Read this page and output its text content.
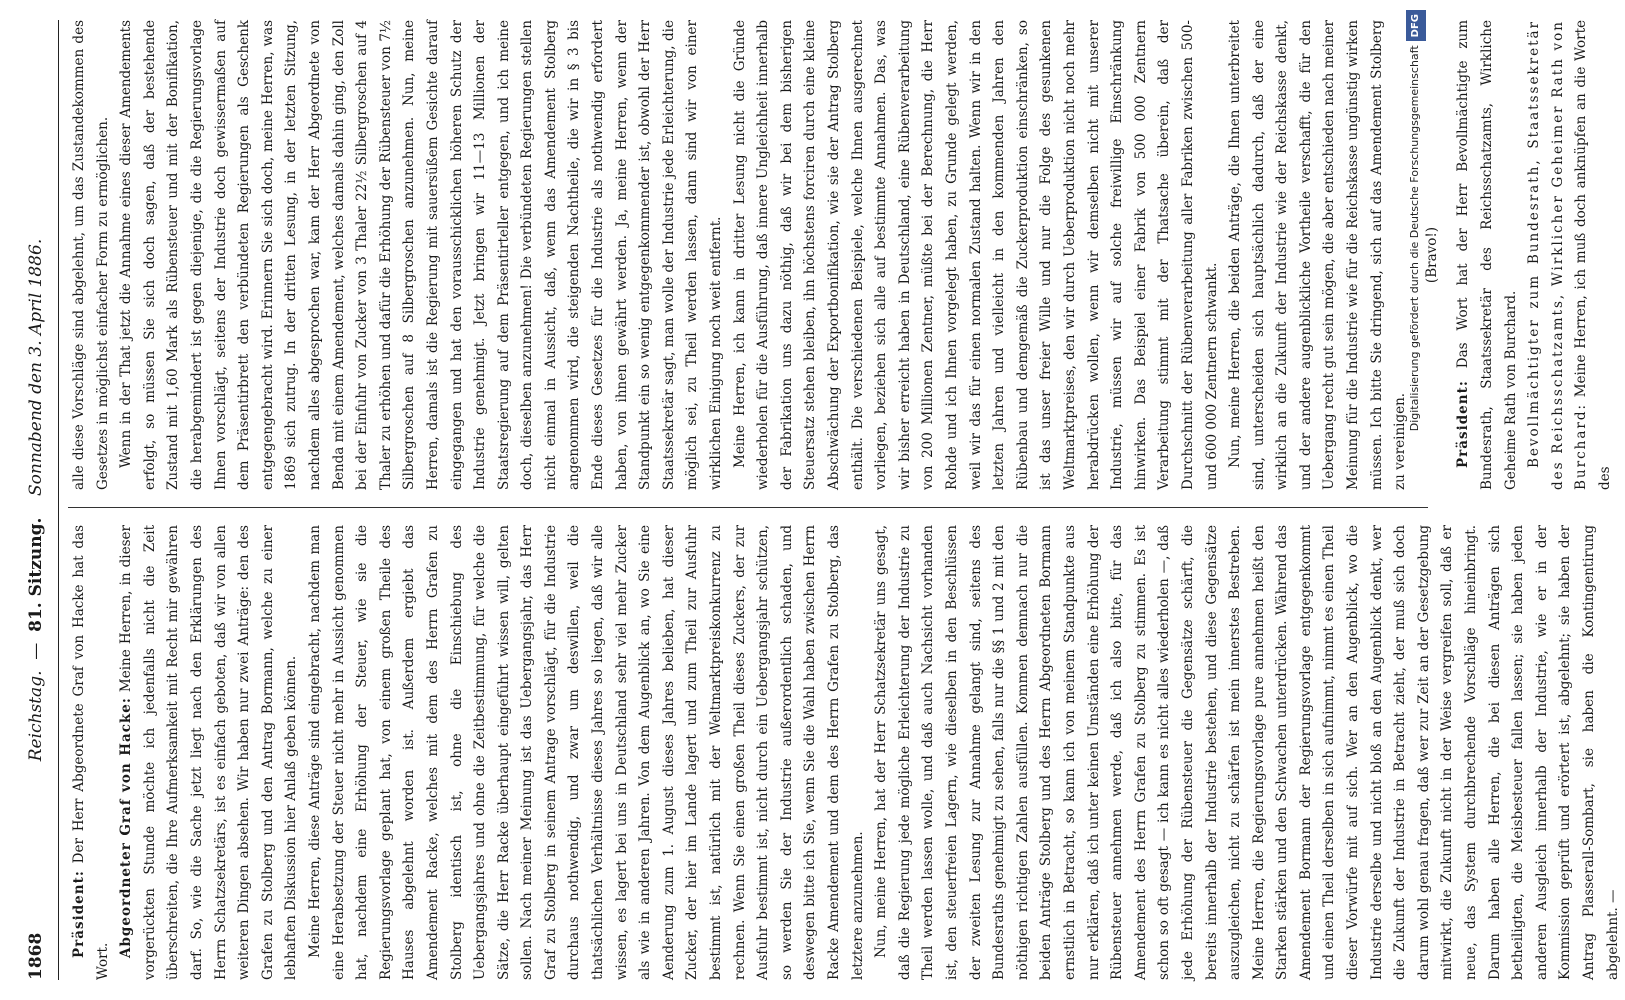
1868
Reichstag.  —  81. Sitzung.    Sonnabend den 3. April 1886.

Präsident: Der Herr Abgeordnete Graf von Hacke hat das Wort.

Abgeordneter Graf von Hacke: Meine Herren, in dieser vorgerückten Stunde möchte ich jedenfalls nicht die Zeit überschreiten, die Ihre Aufmerksamkeit mit Recht mir gewähren darf. So, wie die Sache jetzt liegt nach den Erklärungen des Herrn Schatzsekretärs, ist es einfach geboten, daß wir von allen weiteren Dingen absehen. Wir haben nur zwei Anträge: den des Grafen zu Stolberg und den Antrag Bormann, welche zu einer lebhaften Diskussion hier Anlaß geben können. Meine Herren, diese Anträge sind eingebracht, nachdem man eine Herabsetzung der Steuer nicht mehr in Aussicht genommen hat, nachdem eine Erhöhung der Steuer, wie sie die Regierungsvorlage geplant hat, von einem großen Theile des Hauses abgelehnt worden ist. Außerdem ergiebt das Amendement Racke, welches mit dem des Herrn Grafen zu Stolberg identisch ist, ohne die Einschiebung des Uebergangsjahres und ohne die Zeitbestimmung, für welche die Sätze, die Herr Racke überhaupt eingeführt wissen will, gelten sollen. Nach meiner Meinung ist das Uebergangsjahr, das Herr Graf zu Stolberg in seinem Antrage vorschlägt, für die Industrie durchaus nothwendig, und zwar um deswillen, weil die thatsächlichen Verhältnisse dieses Jahres so liegen, daß wir alle wissen, es lagert bei uns in Deutschland sehr viel mehr Zucker als wie in anderen Jahren. Von dem Augenblick an, wo Sie eine Aenderung zum 1. August dieses Jahres belieben, hat dieser Zucker, der hier im Lande lagert und zum Theil zur Ausfuhr bestimmt ist, natürlich mit der Weltmarktpreiskonkurrenz zu rechnen. Wenn Sie einen großen Theil dieses Zuckers, der zur Ausfuhr bestimmt ist, nicht durch ein Uebergangsjahr schützen, so werden Sie der Industrie außerordentlich schaden, und deswegen bitte ich Sie, wenn Sie die Wahl haben zwischen Herrn Racke Amendement und dem des Herrn Grafen zu Stolberg, das letztere anzunehmen. Nun, meine Herren, hat der Herr Schatzsekretär uns gesagt, daß die Regierung jede mögliche Erleichterung der Industrie zu Theil werden lassen wolle, und daß auch Nachsicht vorhanden ist, den steuerfreien Lagern, wie dieselben in den Beschlüssen der zweiten Lesung zur Annahme gelangt sind, seitens des Bundesraths genehmigt zu sehen, falls nur die §§ 1 und 2 mit den nöthigen richtigen Zahlen ausfüllen. Kommen demnach nur die beiden Anträge Stolberg und des Herrn Abgeordneten Bormann ernstlich in Betracht, so kann ich von meinem Standpunkte aus nur erklären, daß ich unter keinen Umständen eine Erhöhung der Rübensteuer annehmen werde, daß ich also bitte, für das Amendement des Herrn Grafen zu Stolberg zu stimmen. Es ist schon so oft gesagt — ich kann es nicht alles wiederholen —, daß jede Erhöhung der Rübensteuer die Gegensätze schärft, die bereits innerhalb der Industrie bestehen, und diese Gegensätze auszugleichen, nicht zu schärfen ist mein innerstes Bestreben. Meine Herren, die Regierungsvorlage pure annehmen heißt den Starken stärken und den Schwachen unterdrücken. Während das Amendement Bormann der Regierungsvorlage entgegenkommt und einen Theil derselben in sich aufnimmt, nimmt es einen Theil dieser Vorwürfe mit auf sich. Wer an den Augenblick, wo die Industrie derselbe und nicht bloß an den Augenblick denkt, wer die Zukunft der Industrie in Betracht zieht, der muß sich doch darum wohl genau fragen, daß wer zur Zeit an der Gesetzgebung mitwirkt, die Zukunft nicht in der Weise vergreifen soll, daß er neue, das System durchbrechende Vorschläge hineinbringt. Darum haben alle Herren, die bei diesen Anträgen sich betheiligten, die Meisbesteuer fallen lassen; sie haben jeden anderen Ausgleich innerhalb der Industrie, wie er in der Kommission geprüft und erörtert ist, abgelehnt; sie haben der Antrag Plasserall-Sombart, sie haben die Kontingentirung abgelehnt. —

alle diese Vorschläge sind abgelehnt, um das Zustandekommen des Gesetzes in möglichst einfacher Form zu ermöglichen. Wenn in der That jetzt die Annahme eines dieser Amendements erfolgt, so müssen Sie sich doch sagen, daß der bestehende Zustand mit 1,60 Mark als Rübensteuer und mit der Bonifikation, die herabgemindert ist gegen diejenige, die die Regierungsvorlage Ihnen vorschlägt, seitens der Industrie doch gewissermaßen auf dem Präsentirbrett den verbündeten Regierungen als Geschenk entgegengebracht wird. Erinnern Sie sich doch, meine Herren, was 1869 sich zutrug. In der dritten Lesung, in der letzten Sitzung, nachdem alles abgesprochen war, kam der Herr Abgeordnete von Benda mit einem Amendement, welches damals dahin ging, den Zoll bei der Einfuhr von Zucker von 3 Thaler 22½ Silbergroschen auf 4 Thaler zu erhöhen und dafür die Erhöhung der Rübensteuer von 7½ Silbergroschen auf 8 Silbergroschen anzunehmen. Nun, meine Herren, damals ist die Regierung mit sauersüßem Gesichte darauf eingegangen und hat den vorausschicklichen höheren Schutz der Industrie genehmigt. Jetzt bringen wir 11—13 Millionen der Staatsregierung auf dem Präsentirteller entgegen, und ich meine doch, dieselben anzunehmen! Die verbündeten Regierungen stellen nicht einmal in Aussicht, daß, wenn das Amendement Stolberg angenommen wird, die steigenden Nachtheile, die wir in § 3 bis Ende dieses Gesetzes für die Industrie als nothwendig erfordert haben, von ihnen gewährt werden. Ja, meine Herren, wenn der Standpunkt ein so wenig entgegenkommender ist, obwohl der Herr Staatssekretär sagt, man wolle der Industrie jede Erleichterung, die möglich sei, zu Theil werden lassen, dann sind wir von einer wirklichen Einigung noch weit entfernt. Meine Herren, ich kann in dritter Lesung nicht die Gründe wiederholen für die Ausführung, daß innere Ungleichheit innerhalb der Fabrikation uns dazu nöthig, daß wir bei dem bisherigen Steuersatz stehen bleiben, ihn höchstens forciren durch eine kleine Abschwächung der Exportbonifikation, wie sie der Antrag Stolberg enthält. Die verschiedenen Beispiele, welche Ihnen ausgerechnet vorliegen, beziehen sich alle auf bestimmte Annahmen. Das, was wir bisher erreicht haben in Deutschland, eine Rübenverarbeitung von 200 Millionen Zentner, müßte bei der Berechnung, die Herr Rohde und ich Ihnen vorgelegt haben, zu Grunde gelegt werden, weil wir das für einen normalen Zustand halten. Wenn wir in den letzten Jahren und vielleicht in den kommenden Jahren den Rübenbau und demgemäß die Zuckerproduktion einschränken, so ist das unser freier Wille und nur die Folge des gesunkenen Weltmarktpreises, den wir durch Ueberproduktion nicht noch mehr herabdrücken wollen, wenn wir demselben nicht mit unserer Industrie, müssen wir auf solche freiwillige Einschränkung hinwirken. Das Beispiel einer Fabrik von 500 000 Zentnern Verarbeitung stimmt mit der Thatsache überein, daß der Durchschnitt der Rübenverarbeitung aller Fabriken zwischen 500- und 600 000 Zentnern schwankt. Nun, meine Herren, die beiden Anträge, die Ihnen unterbreitet sind, unterscheiden sich hauptsächlich dadurch, daß der eine wirklich an die Zukunft der Industrie wie der Reichskasse denkt, und der andere augenblickliche Vortheile verschafft, die für den Uebergang recht gut sein mögen, die aber entschieden nach meiner Meinung für die Industrie wie für die Reichskasse ungünstig wirken müssen. Ich bitte Sie dringend, sich auf das Amendement Stolberg zu vereinigen.

(Bravo!)

Präsident: Das Wort hat der Herr Bevollmächtigte zum Bundesrath, Staatssekretär des Reichsschatzamts, Wirkliche Geheime Rath von Burchard. Bevollmächtigter zum Bundesrath, Staatssekretär des Reichsschatzamts, Wirklicher Geheimer Rath von Burchard: Meine Herren, ich muß doch anknüpfen an die Worte des

Digitalisierung gefördert durch die Deutsche ForschungsgemeinschaftDFG
